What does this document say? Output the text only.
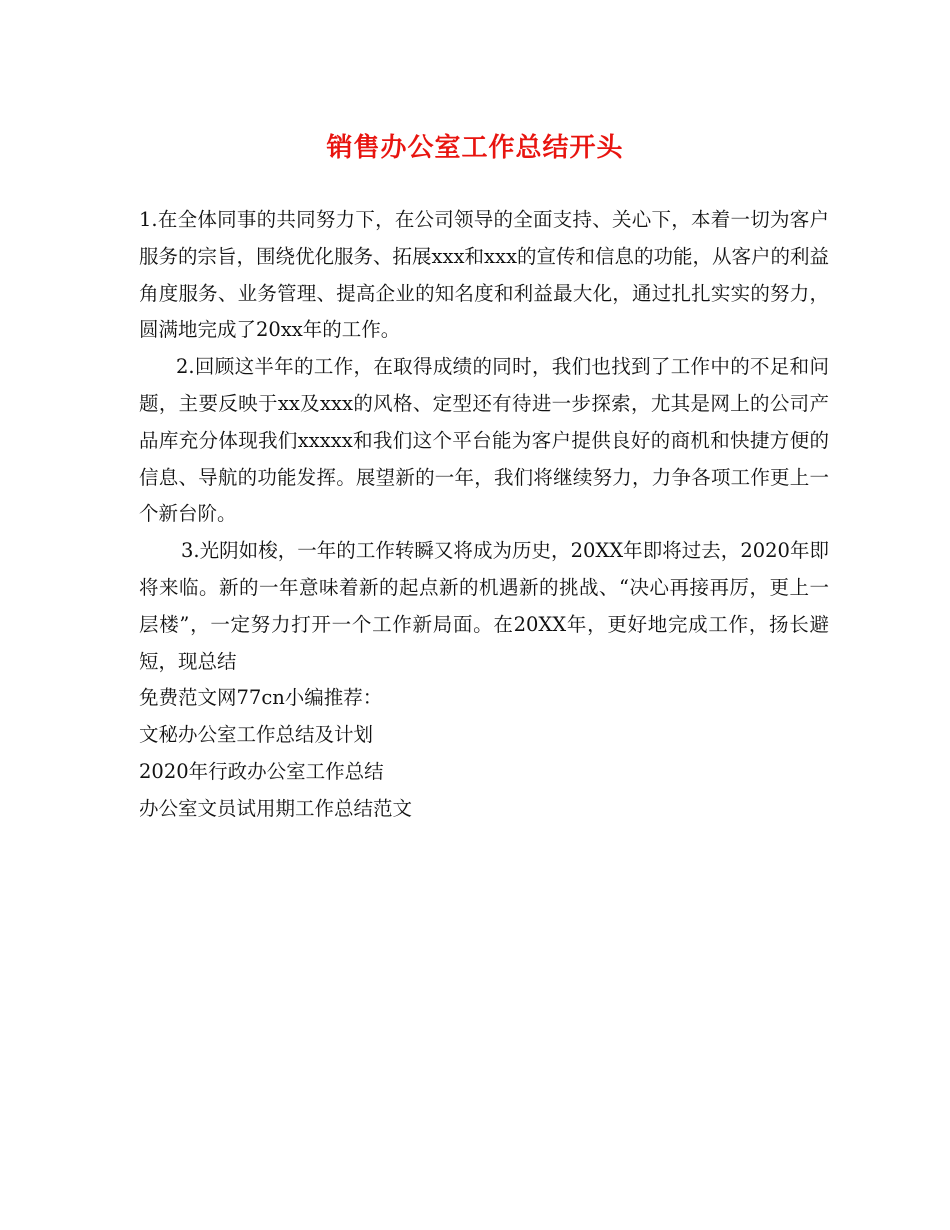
销售办公室工作总结开头

1.在全体同事的共同努力下，在公司领导的全面支持、关心下，本着一切为客户服务的宗旨，围绕优化服务、拓展xxx和xxx的宣传和信息的功能，从客户的利益角度服务、业务管理、提高企业的知名度和利益最大化，通过扎扎实实的努力，圆满地完成了20xx年的工作。

2.回顾这半年的工作，在取得成绩的同时，我们也找到了工作中的不足和问题，主要反映于xx及xxx的风格、定型还有待进一步探索，尤其是网上的公司产品库充分体现我们xxxxx和我们这个平台能为客户提供良好的商机和快捷方便的信息、导航的功能发挥。展望新的一年，我们将继续努力，力争各项工作更上一个新台阶。

3.光阴如梭，一年的工作转瞬又将成为历史，20XX年即将过去，2020年即将来临。新的一年意味着新的起点新的机遇新的挑战、“决心再接再厉，更上一层楼”，一定努力打开一个工作新局面。在20XX年，更好地完成工作，扬长避短，现总结

免费范文网77cn小编推荐：
文秘办公室工作总结及计划
2020年行政办公室工作总结
办公室文员试用期工作总结范文
